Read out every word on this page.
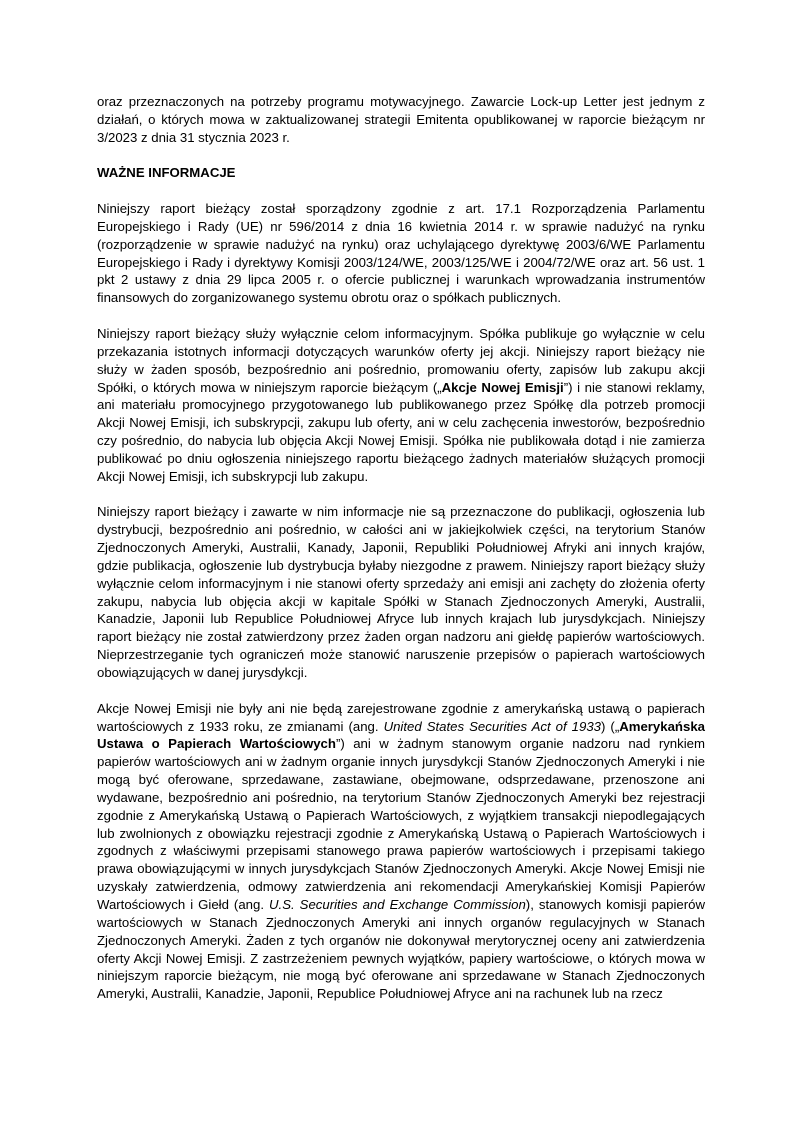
oraz przeznaczonych na potrzeby programu motywacyjnego. Zawarcie Lock-up Letter jest jednym z działań, o których mowa w zaktualizowanej strategii Emitenta opublikowanej w raporcie bieżącym nr 3/2023 z dnia 31 stycznia 2023 r.

WAŻNE INFORMACJE

Niniejszy raport bieżący został sporządzony zgodnie z art. 17.1 Rozporządzenia Parlamentu Europejskiego i Rady (UE) nr 596/2014 z dnia 16 kwietnia 2014 r. w sprawie nadużyć na rynku (rozporządzenie w sprawie nadużyć na rynku) oraz uchylającego dyrektywę 2003/6/WE Parlamentu Europejskiego i Rady i dyrektywy Komisji 2003/124/WE, 2003/125/WE i 2004/72/WE oraz art. 56 ust. 1 pkt 2 ustawy z dnia 29 lipca 2005 r. o ofercie publicznej i warunkach wprowadzania instrumentów finansowych do zorganizowanego systemu obrotu oraz o spółkach publicznych.

Niniejszy raport bieżący służy wyłącznie celom informacyjnym. Spółka publikuje go wyłącznie w celu przekazania istotnych informacji dotyczących warunków oferty jej akcji. Niniejszy raport bieżący nie służy w żaden sposób, bezpośrednio ani pośrednio, promowaniu oferty, zapisów lub zakupu akcji Spółki, o których mowa w niniejszym raporcie bieżącym („Akcje Nowej Emisji”) i nie stanowi reklamy, ani materiału promocyjnego przygotowanego lub publikowanego przez Spółkę dla potrzeb promocji Akcji Nowej Emisji, ich subskrypcji, zakupu lub oferty, ani w celu zachęcenia inwestorów, bezpośrednio czy pośrednio, do nabycia lub objęcia Akcji Nowej Emisji. Spółka nie publikowała dotąd i nie zamierza publikować po dniu ogłoszenia niniejszego raportu bieżącego żadnych materiałów służących promocji Akcji Nowej Emisji, ich subskrypcji lub zakupu.

Niniejszy raport bieżący i zawarte w nim informacje nie są przeznaczone do publikacji, ogłoszenia lub dystrybucji, bezpośrednio ani pośrednio, w całości ani w jakiejkolwiek części, na terytorium Stanów Zjednoczonych Ameryki, Australii, Kanady, Japonii, Republiki Południowej Afryki ani innych krajów, gdzie publikacja, ogłoszenie lub dystrybucja byłaby niezgodne z prawem. Niniejszy raport bieżący służy wyłącznie celom informacyjnym i nie stanowi oferty sprzedaży ani emisji ani zachęty do złożenia oferty zakupu, nabycia lub objęcia akcji w kapitale Spółki w Stanach Zjednoczonych Ameryki, Australii, Kanadzie, Japonii lub Republice Południowej Afryce lub innych krajach lub jurysdykcjach. Niniejszy raport bieżący nie został zatwierdzony przez żaden organ nadzoru ani giełdę papierów wartościowych. Nieprzestrzeganie tych ograniczeń może stanowić naruszenie przepisów o papierach wartościowych obowiązujących w danej jurysdykcji.

Akcje Nowej Emisji nie były ani nie będą zarejestrowane zgodnie z amerykańską ustawą o papierach wartościowych z 1933 roku, ze zmianami (ang. United States Securities Act of 1933) („Amerykańska Ustawa o Papierach Wartościowych”) ani w żadnym stanowym organie nadzoru nad rynkiem papierów wartościowych ani w żadnym organie innych jurysdykcji Stanów Zjednoczonych Ameryki i nie mogą być oferowane, sprzedawane, zastawiane, obejmowane, odsprzedawane, przenoszone ani wydawane, bezpośrednio ani pośrednio, na terytorium Stanów Zjednoczonych Ameryki bez rejestracji zgodnie z Amerykańską Ustawą o Papierach Wartościowych, z wyjątkiem transakcji niepodlegających lub zwolnionych z obowiązku rejestracji zgodnie z Amerykańską Ustawą o Papierach Wartościowych i zgodnych z właściwymi przepisami stanowego prawa papierów wartościowych i przepisami takiego prawa obowiązującymi w innych jurysdykcjach Stanów Zjednoczonych Ameryki. Akcje Nowej Emisji nie uzyskały zatwierdzenia, odmowy zatwierdzenia ani rekomendacji Amerykańskiej Komisji Papierów Wartościowych i Giełd (ang. U.S. Securities and Exchange Commission), stanowych komisji papierów wartościowych w Stanach Zjednoczonych Ameryki ani innych organów regulacyjnych w Stanach Zjednoczonych Ameryki. Żaden z tych organów nie dokonywał merytorycznej oceny ani zatwierdzenia oferty Akcji Nowej Emisji. Z zastrzeżeniem pewnych wyjątków, papiery wartościowe, o których mowa w niniejszym raporcie bieżącym, nie mogą być oferowane ani sprzedawane w Stanach Zjednoczonych Ameryki, Australii, Kanadzie, Japonii, Republice Południowej Afryce ani na rachunek lub na rzecz
